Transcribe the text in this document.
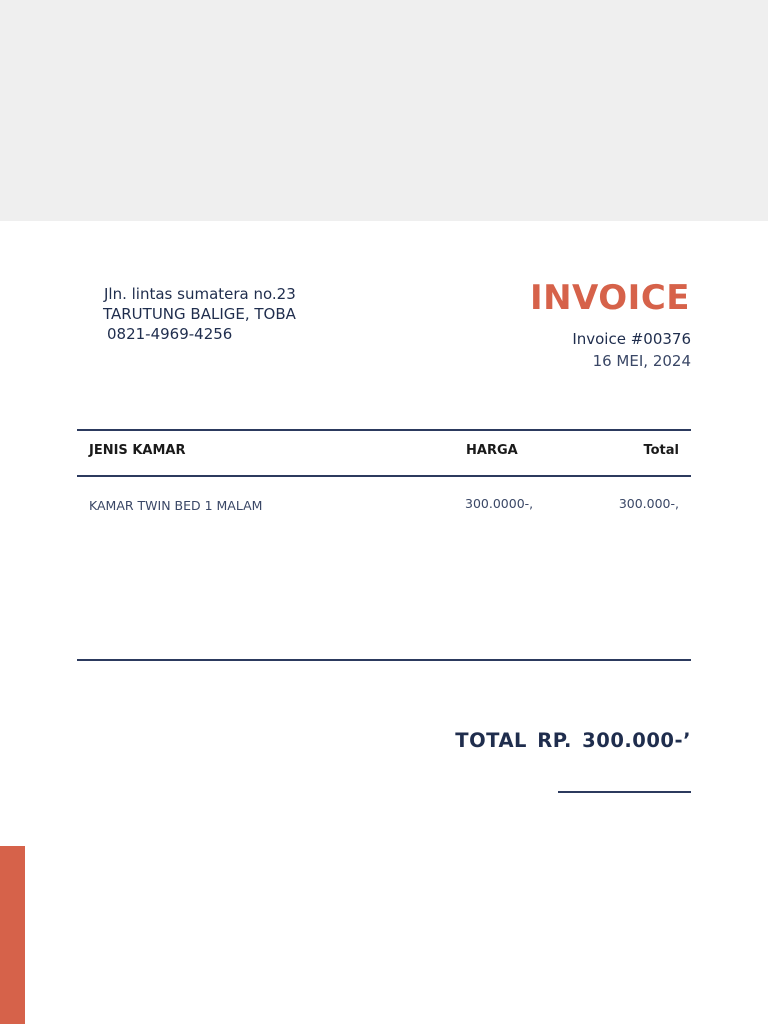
Jln. lintas sumatera no.23
TARUTUNG BALIGE, TOBA
0821-4969-4256
INVOICE
Invoice #00376
16 MEI, 2024
JENIS KAMAR	HARGA	Total
KAMAR TWIN BED 1 MALAM	300.0000-,	300.000-,
TOTAL RP. 300.000-’
